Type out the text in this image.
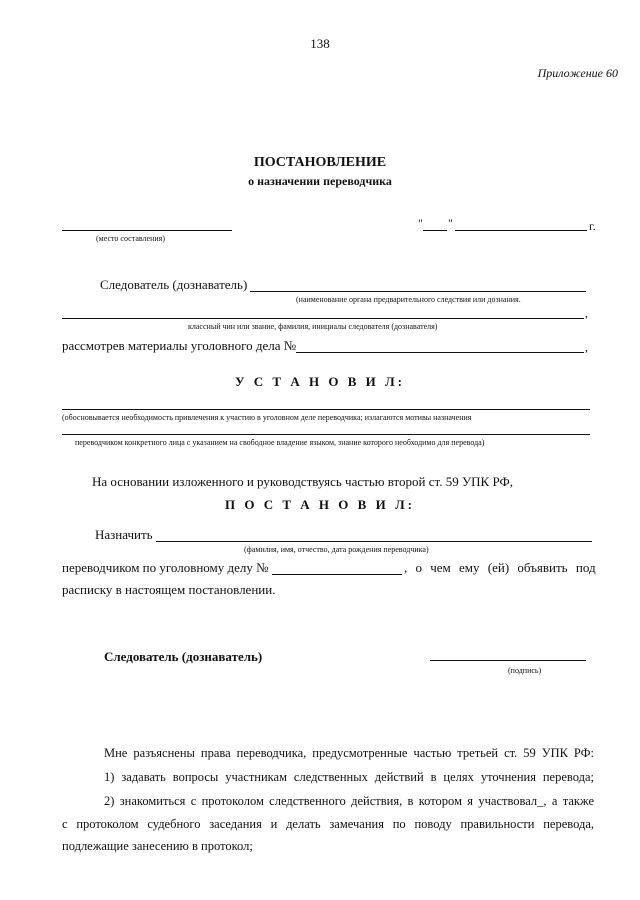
138
Приложение 60
ПОСТАНОВЛЕНИЕ
о назначении переводчика
(место составления)
" "	г.
Следователь (дознаватель)
(наименование органа предварительного следствия или дознания.
,
классный чин или звание, фамилия, инициалы следователя (дознавателя)
рассмотрев материалы уголовного дела №	,
У С Т А Н О В И Л:
(обосновывается необходимость привлечения к участию в уголовном деле переводчика; излагаются мотивы назначения
переводчиком конкретного лица с указанием на свободное владение языком, знание которого необходимо для перевода)
На основании изложенного и руководствуясь частью второй ст. 59 УПК РФ,
П О С Т А Н О В И Л:
Назначить
(фамилия, имя, отчество, дата рождения переводчика)
переводчиком по уголовному делу №	, о чем ему (ей) объявить под
расписку в настоящем постановлении.
Следователь (дознаватель)
(подпись)
Мне разъяснены права переводчика, предусмотренные частью третьей ст. 59 УПК РФ:
1) задавать вопросы участникам следственных действий в целях уточнения перевода;
2) знакомиться с протоколом следственного действия, в котором я участвовал_, а также
с протоколом судебного заседания и делать замечания по поводу правильности перевода,
подлежащие занесению в протокол;
